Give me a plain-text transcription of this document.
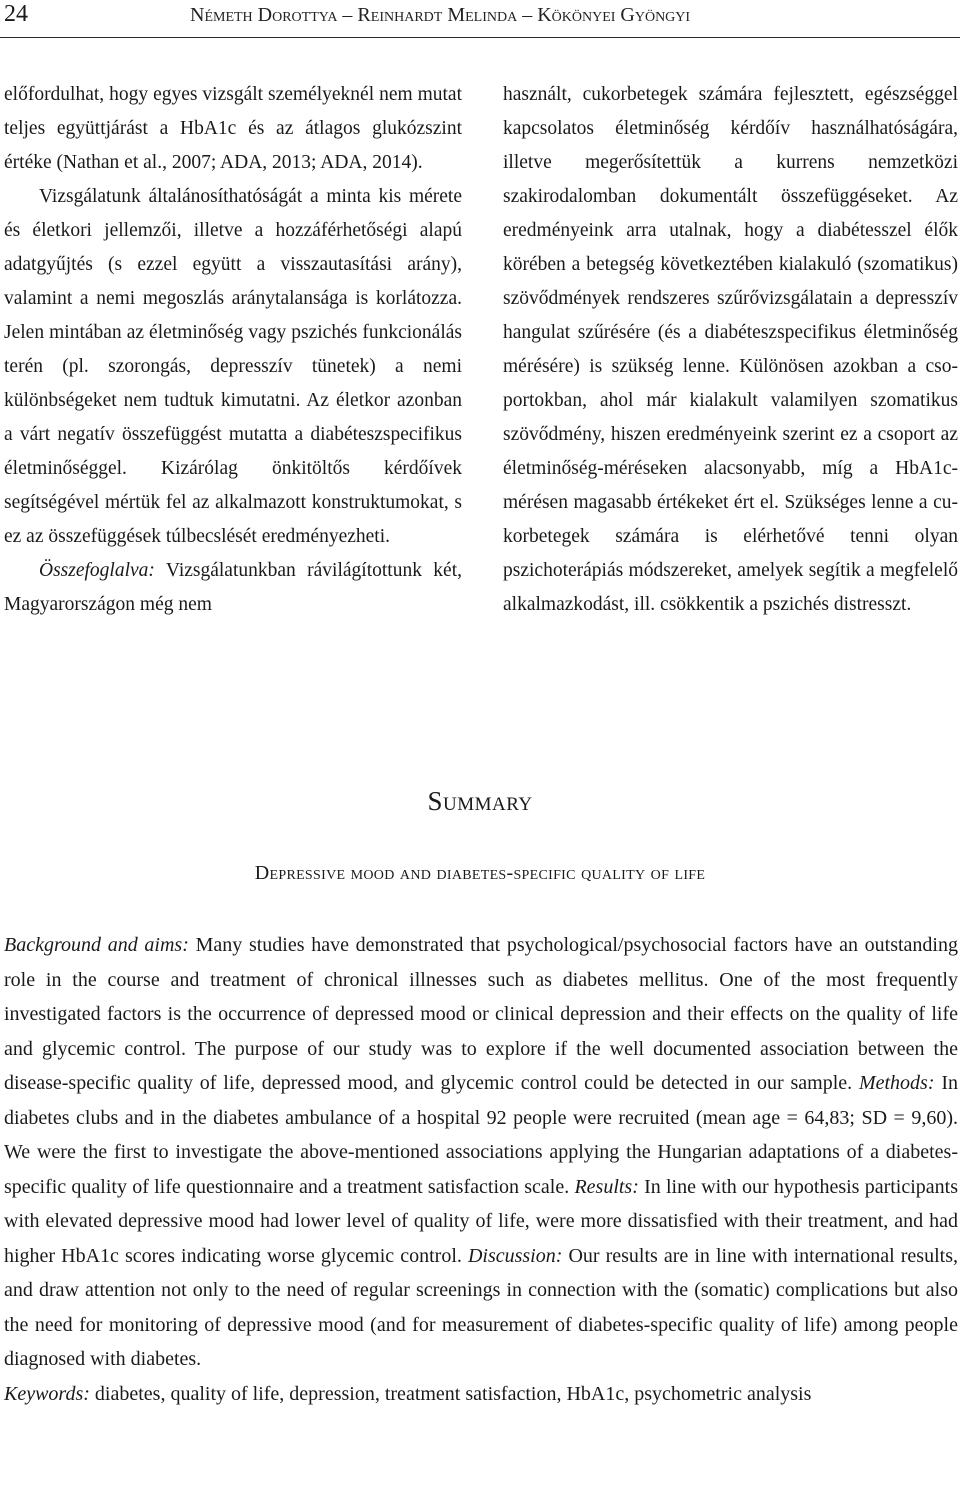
24	Németh Dorottya – Reinhardt Melinda – Kökönyei Gyöngyi

előfordulhat, hogy egyes vizsgált személyeknél nem mutat teljes együttjárást a HbA1c és az átlagos glukózszint értéke (Nathan et al., 2007; ADA, 2013; ADA, 2014).

Vizsgálatunk általánosíthatóságát a minta kis mérete és életkori jellemzői, illetve a hozzáférhetőségi alapú adatgyűjtés (s ezzel együtt a visszautasítási arány), valamint a nemi megoszlás aránytalansága is korlátozza. Jelen mintában az életminőség vagy pszichés funkcionálás terén (pl. szorongás, depresszív tünetek) a nemi különbségeket nem tudtuk kimutatni. Az életkor azonban a várt negatív összefüggést mutatta a diabéteszspecifikus életminőséggel. Kizárólag önkitöltős kérdőívek segítségével mértük fel az alkalmazott konstruktumokat, s ez az összefüggések túlbecslését eredményezheti.

Összefoglalva: Vizsgálatunkban rávilágítottunk két, Magyarországon még nem

használt, cukorbetegek számára fejlesztett, egészséggel kapcsolatos életminőség kérdőív használhatóságára, illetve megerősítettük a kurrens nemzetközi szakirodalomban dokumentált összefüggéseket. Az eredményeink arra utalnak, hogy a diabétesszel élők körében a betegség következtében kialakuló (szomatikus) szövődmények rendszeres szűrővizsgálatain a depresszív hangulat szűrésére (és a diabéteszspecifikus életminőség mérésére) is szükség lenne. Különösen azokban a csoportokban, ahol már kialakult valamilyen szomatikus szövődmény, hiszen eredményeink szerint ez a csoport az életminőség-méréseken alacsonyabb, míg a HbA1c-mérésen magasabb értékeket ért el. Szükséges lenne a cukorbetegek számára is elérhetővé tenni olyan pszichoterápiás módszereket, amelyek segítik a megfelelő alkalmazkodást, ill. csökkentik a pszichés distresszt.

Summary
Depressive mood and diabetes-specific quality of life

Background and aims: Many studies have demonstrated that psychological/psychosocial factors have an outstanding role in the course and treatment of chronical illnesses such as diabetes mellitus. One of the most frequently investigated factors is the occurrence of depressed mood or clinical depression and their effects on the quality of life and glycemic control. The purpose of our study was to explore if the well documented association between the disease-specific quality of life, depressed mood, and glycemic control could be detected in our sample. Methods: In diabetes clubs and in the diabetes ambulance of a hospital 92 people were recruited (mean age = 64,83; SD = 9,60). We were the first to investigate the above-mentioned associations applying the Hungarian adaptations of a diabetes-specific quality of life questionnaire and a treatment satisfaction scale. Results: In line with our hypothesis participants with elevated depressive mood had lower level of quality of life, were more dissatisfied with their treatment, and had higher HbA1c scores indicating worse glycemic control. Discussion: Our results are in line with international results, and draw attention not only to the need of regular screenings in connection with the (somatic) complications but also the need for monitoring of depressive mood (and for measurement of diabetes-specific quality of life) among people diagnosed with diabetes.

Keywords: diabetes, quality of life, depression, treatment satisfaction, HbA1c, psychometric analysis
